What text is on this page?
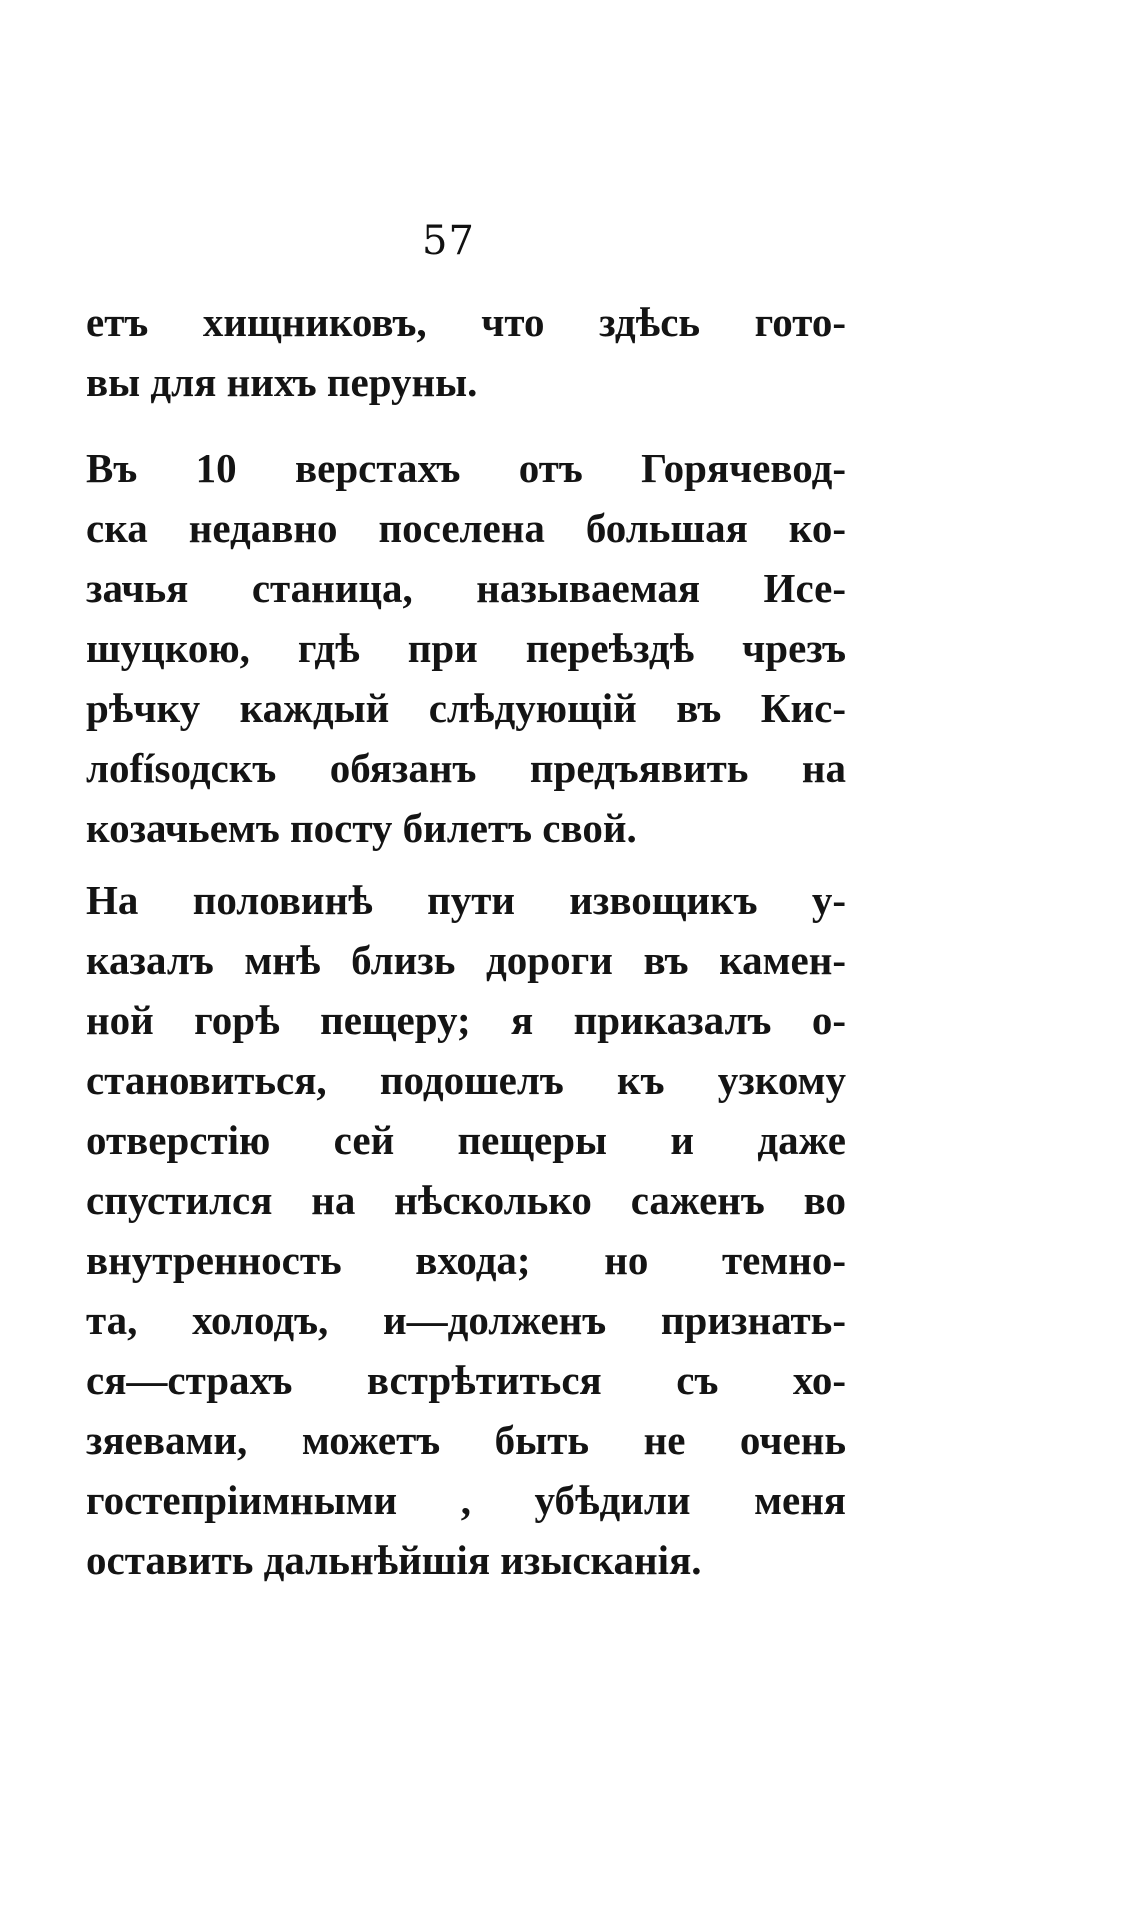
57
етъ хищниковъ, что здѣсь гото-
вы для нихъ перуны.
Въ 10 верстахъ отъ Горячевод-
ска недавно поселена большая ко-
зачья станица, называемая Исе-
шуцкою, гдѣ при переѣздѣ чрезъ
рѣчку каждый слѣдующій въ Кис-
лоfísодскъ обязанъ предъявить на
козачьемъ посту билетъ свой.
На половинѣ пути извощикъ у-
казалъ мнѣ близь дороги въ камен-
ной горѣ пещеру; я приказалъ о-
становиться, подошелъ къ узкому
отверстію сей пещеры и даже
спустился на нѣсколько саженъ во
внутренность входа; но темно-
та, холодъ, и—долженъ признать-
ся—страхъ встрѣтиться съ хо-
зяевами, можетъ быть не очень
гостепріимными , убѣдили меня
оставить дальнѣйшія изысканія.
